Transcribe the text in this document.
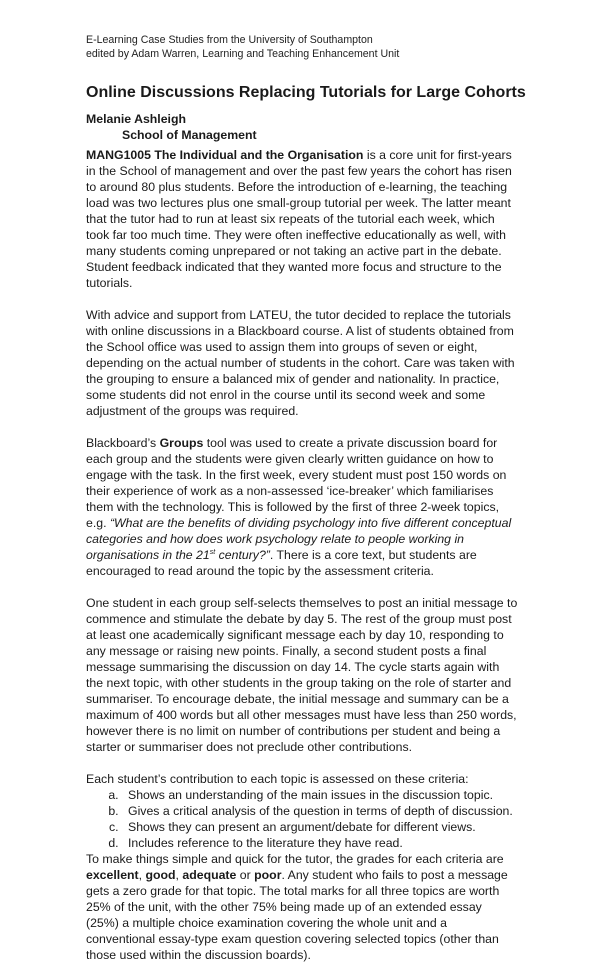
E-Learning Case Studies from the University of Southampton
edited by Adam Warren, Learning and Teaching Enhancement Unit
Online Discussions Replacing Tutorials for Large Cohorts
Melanie Ashleigh
School of Management

MANG1005 The Individual and the Organisation is a core unit for first-years in the School of management and over the past few years the cohort has risen to around 80 plus students. Before the introduction of e-learning, the teaching load was two lectures plus one small-group tutorial per week. The latter meant that the tutor had to run at least six repeats of the tutorial each week, which took far too much time. They were often ineffective educationally as well, with many students coming unprepared or not taking an active part in the debate. Student feedback indicated that they wanted more focus and structure to the tutorials.

With advice and support from LATEU, the tutor decided to replace the tutorials with online discussions in a Blackboard course. A list of students obtained from the School office was used to assign them into groups of seven or eight, depending on the actual number of students in the cohort. Care was taken with the grouping to ensure a balanced mix of gender and nationality. In practice, some students did not enrol in the course until its second week and some adjustment of the groups was required.

Blackboard’s Groups tool was used to create a private discussion board for each group and the students were given clearly written guidance on how to engage with the task. In the first week, every student must post 150 words on their experience of work as a non-assessed ‘ice-breaker’ which familiarises them with the technology. This is followed by the first of three 2-week topics, e.g. “What are the benefits of dividing psychology into five different conceptual categories and how does work psychology relate to people working in organisations in the 21st century?”. There is a core text, but students are encouraged to read around the topic by the assessment criteria.

One student in each group self-selects themselves to post an initial message to commence and stimulate the debate by day 5. The rest of the group must post at least one academically significant message each by day 10, responding to any message or raising new points. Finally, a second student posts a final message summarising the discussion on day 14. The cycle starts again with the next topic, with other students in the group taking on the role of starter and summariser. To encourage debate, the initial message and summary can be a maximum of 400 words but all other messages must have less than 250 words, however there is no limit on number of contributions per student and being a starter or summariser does not preclude other contributions.

Each student’s contribution to each topic is assessed on these criteria:

a. Shows an understanding of the main issues in the discussion topic.
b. Gives a critical analysis of the question in terms of depth of discussion.
c. Shows they can present an argument/debate for different views.
d. Includes reference to the literature they have read.

To make things simple and quick for the tutor, the grades for each criteria are excellent, good, adequate or poor. Any student who fails to post a message gets a zero grade for that topic. The total marks for all three topics are worth 25% of the unit, with the other 75% being made up of an extended essay (25%) a multiple choice examination covering the whole unit and a conventional essay-type exam question covering selected topics (other than those used within the discussion boards).
